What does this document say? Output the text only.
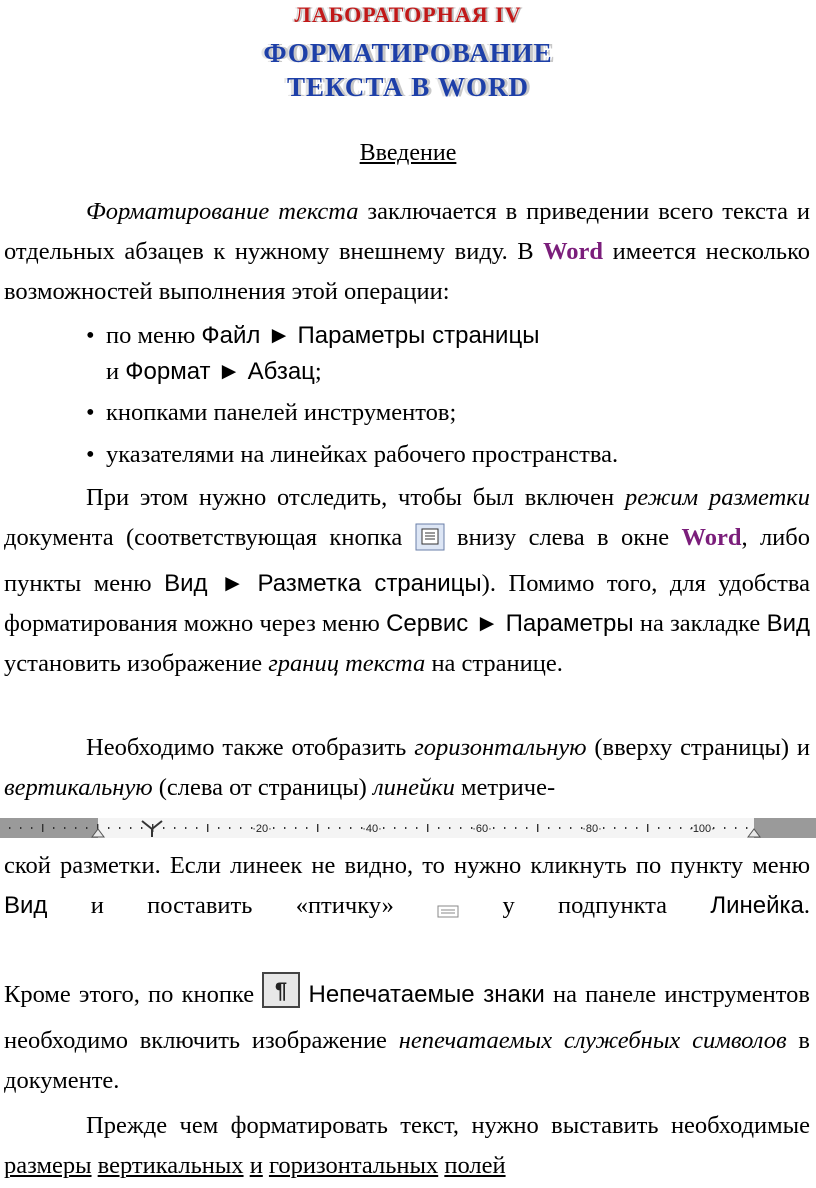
ЛАБОРАТОРНАЯ IV
ФОРМАТИРОВАНИЕ
ТЕКСТА В WORD
Введение
Форматирование текста заключается в приведении всего текста и отдельных абзацев к нужному внешнему виду. В Word имеется несколько возможностей выполнения этой операции:
• по меню Файл ► Параметры страницы
и Формат ► Абзац;
• кнопками панелей инструментов;
• указателями на линейках рабочего пространства.
При этом нужно отследить, чтобы был включен режим разметки документа (соответствующая кнопка внизу слева в окне Word, либо пункты меню Вид ► Разметка страницы). Помимо того, для удобства форматирования можно через меню Сервис ► Параметры на закладке Вид установить изображение границ текста на странице.
Необходимо также отобразить горизонтальную (вверху страницы) и вертикальную (слева от страницы) линейки метриче-
·20·	·40·	·60·	·80·	·100·
ской разметки. Если линеек не видно, то нужно кликнуть по пункту меню Вид и поставить «птичку»	у подпункта Линейка.  Кроме этого, по кнопке ¶ Непечатаемые знаки на панеле инструментов необходимо включить изображение непечатаемых служебных символов в документе.
Прежде чем форматировать текст, нужно выставить необходимые размеры вертикальных и горизонтальных полей
